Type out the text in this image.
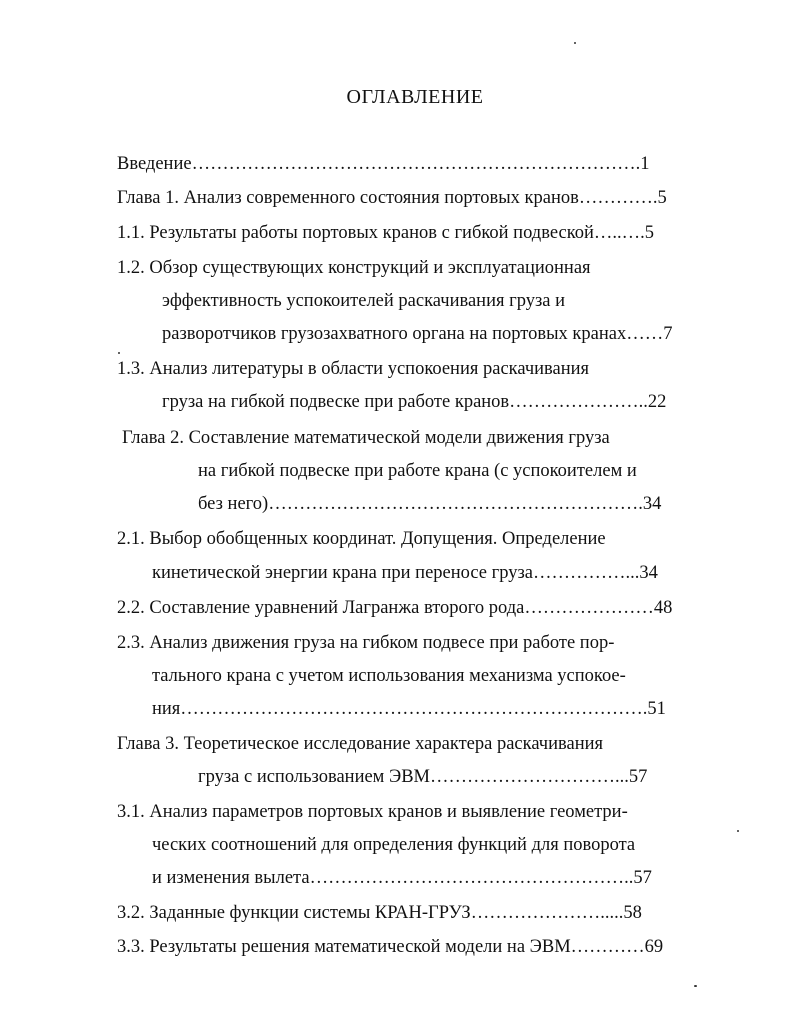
ОГЛАВЛЕНИЕ
Введение……………………………………………………………….1
Глава 1. Анализ современного состояния портовых кранов………….5
1.1. Результаты работы портовых кранов с гибкой подвеской…..….5
1.2. Обзор существующих конструкций и эксплуатационная
эффективность успокоителей раскачивания груза и
разворотчиков грузозахватного органа на портовых кранах……7
1.3. Анализ литературы в области успокоения раскачивания
груза на гибкой подвеске при работе кранов…………………..22
Глава 2. Составление математической модели движения груза
на гибкой подвеске при работе крана (с успокоителем и
без него)…………………………………………………….34
2.1. Выбор обобщенных координат. Допущения. Определение
кинетической энергии крана при переносе груза……………...34
2.2. Составление уравнений Лагранжа второго рода…………………48
2.3. Анализ движения груза на гибком подвесе при работе пор-
тального крана с учетом использования механизма успокое-
ния………………………………………………………………….51
Глава 3. Теоретическое исследование характера раскачивания
груза с использованием ЭВМ…………………………...57
3.1. Анализ параметров портовых кранов и выявление геометри-
ческих соотношений для определения функций для поворота
и изменения вылета……………………………………………..57
3.2. Заданные функции системы КРАН-ГРУЗ………………….....58
3.3. Результаты решения математической модели на ЭВМ…………69
